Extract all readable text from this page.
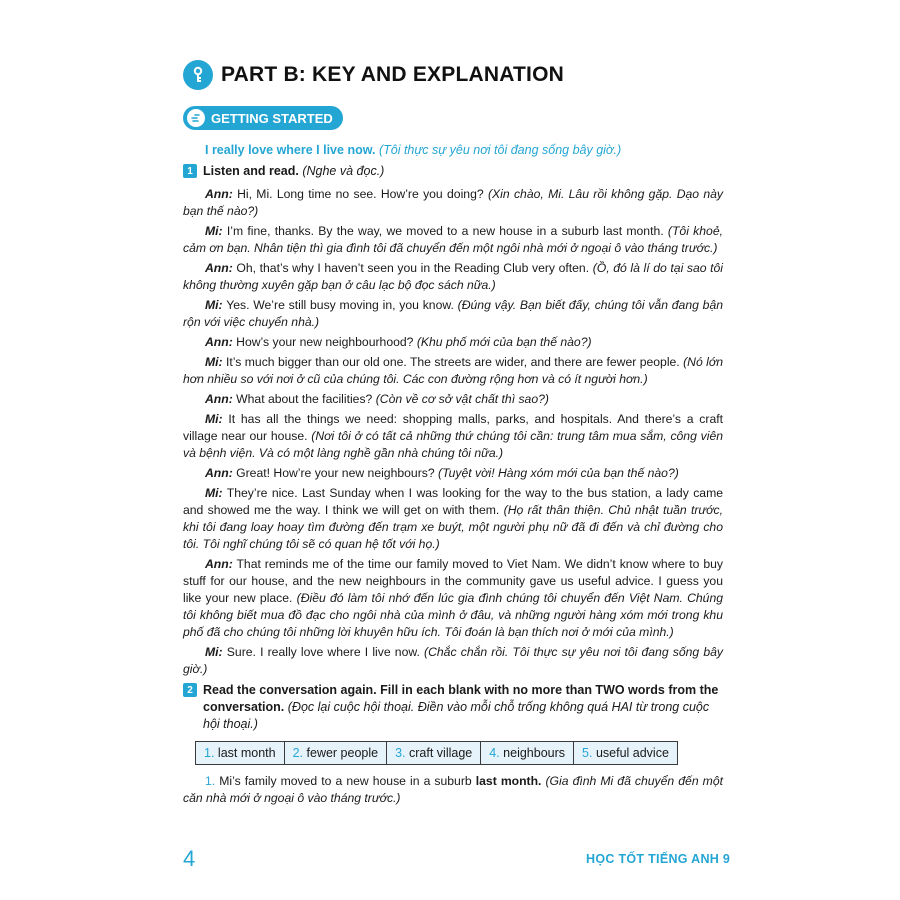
PART B: KEY AND EXPLANATION
GETTING STARTED
I really love where I live now. (Tôi thực sự yêu nơi tôi đang sống bây giờ.)
1 Listen and read. (Nghe và đọc.)

Ann: Hi, Mi. Long time no see. How’re you doing? (Xin chào, Mi. Lâu rồi không gặp. Dạo này bạn thế nào?)

Mi: I’m fine, thanks. By the way, we moved to a new house in a suburb last month. (Tôi khoẻ, cảm ơn bạn. Nhân tiện thì gia đình tôi đã chuyển đến một ngôi nhà mới ở ngoại ô vào tháng trước.)

Ann: Oh, that’s why I haven’t seen you in the Reading Club very often. (Ồ, đó là lí do tại sao tôi không thường xuyên gặp bạn ở câu lạc bộ đọc sách nữa.)

Mi: Yes. We’re still busy moving in, you know. (Đúng vậy. Bạn biết đấy, chúng tôi vẫn đang bận rộn với việc chuyển nhà.)

Ann: How’s your new neighbourhood? (Khu phố mới của bạn thế nào?)

Mi: It’s much bigger than our old one. The streets are wider, and there are fewer people. (Nó lớn hơn nhiều so với nơi ở cũ của chúng tôi. Các con đường rộng hơn và có ít người hơn.)

Ann: What about the facilities? (Còn về cơ sở vật chất thì sao?)

Mi: It has all the things we need: shopping malls, parks, and hospitals. And there’s a craft village near our house. (Nơi tôi ở có tất cả những thứ chúng tôi cần: trung tâm mua sắm, công viên và bệnh viện. Và có một làng nghề gần nhà chúng tôi nữa.)

Ann: Great! How’re your new neighbours? (Tuyệt vời! Hàng xóm mới của bạn thế nào?)

Mi: They’re nice. Last Sunday when I was looking for the way to the bus station, a lady came and showed me the way. I think we will get on with them. (Họ rất thân thiện. Chủ nhật tuần trước, khi tôi đang loay hoay tìm đường đến trạm xe buýt, một người phụ nữ đã đi đến và chỉ đường cho tôi. Tôi nghĩ chúng tôi sẽ có quan hệ tốt với họ.)

Ann: That reminds me of the time our family moved to Viet Nam. We didn’t know where to buy stuff for our house, and the new neighbours in the community gave us useful advice. I guess you like your new place. (Điều đó làm tôi nhớ đến lúc gia đình chúng tôi chuyển đến Việt Nam. Chúng tôi không biết mua đồ đạc cho ngôi nhà của mình ở đâu, và những người hàng xóm mới trong khu phố đã cho chúng tôi những lời khuyên hữu ích. Tôi đoán là bạn thích nơi ở mới của mình.)

Mi: Sure. I really love where I live now. (Chắc chắn rồi. Tôi thực sự yêu nơi tôi đang sống bây giờ.)

2 Read the conversation again. Fill in each blank with no more than TWO words from the conversation. (Đọc lại cuộc hội thoại. Điền vào mỗi chỗ trống không quá HAI từ trong cuộc hội thoại.)
1. last month	2. fewer people	3. craft village	4. neighbours	5. useful advice

1. Mi’s family moved to a new house in a suburb last month. (Gia đình Mi đã chuyển đến một căn nhà mới ở ngoại ô vào tháng trước.)

4	HỌC TỐT TIẾNG ANH 9
